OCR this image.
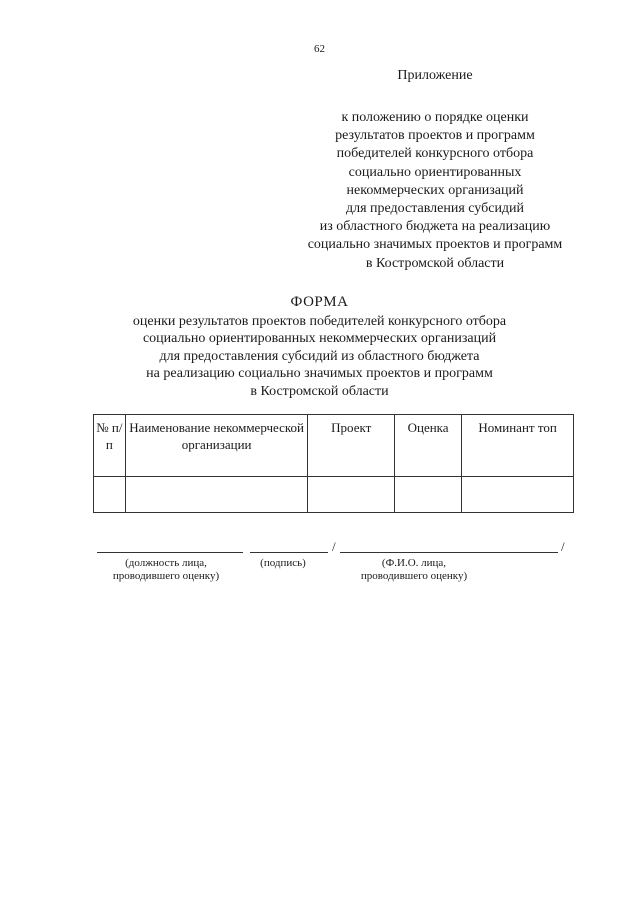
62
Приложение
к положению о порядке оценки
результатов проектов и программ
победителей конкурсного отбора
социально ориентированных
некоммерческих организаций
для предоставления субсидий
из областного бюджета на реализацию
социально значимых проектов и программ
в Костромской области
ФОРМА
оценки результатов проектов победителей конкурсного отбора
социально ориентированных некоммерческих организаций
для предоставления субсидий из областного бюджета
на реализацию социально значимых проектов и программ
в Костромской области
№ п/п	Наименование некоммерческой организации	Проект	Оценка	Номинант топ

/	/
(должность лица, проводившего оценку)
(подпись)	(Ф.И.О. лица, проводившего оценку)
